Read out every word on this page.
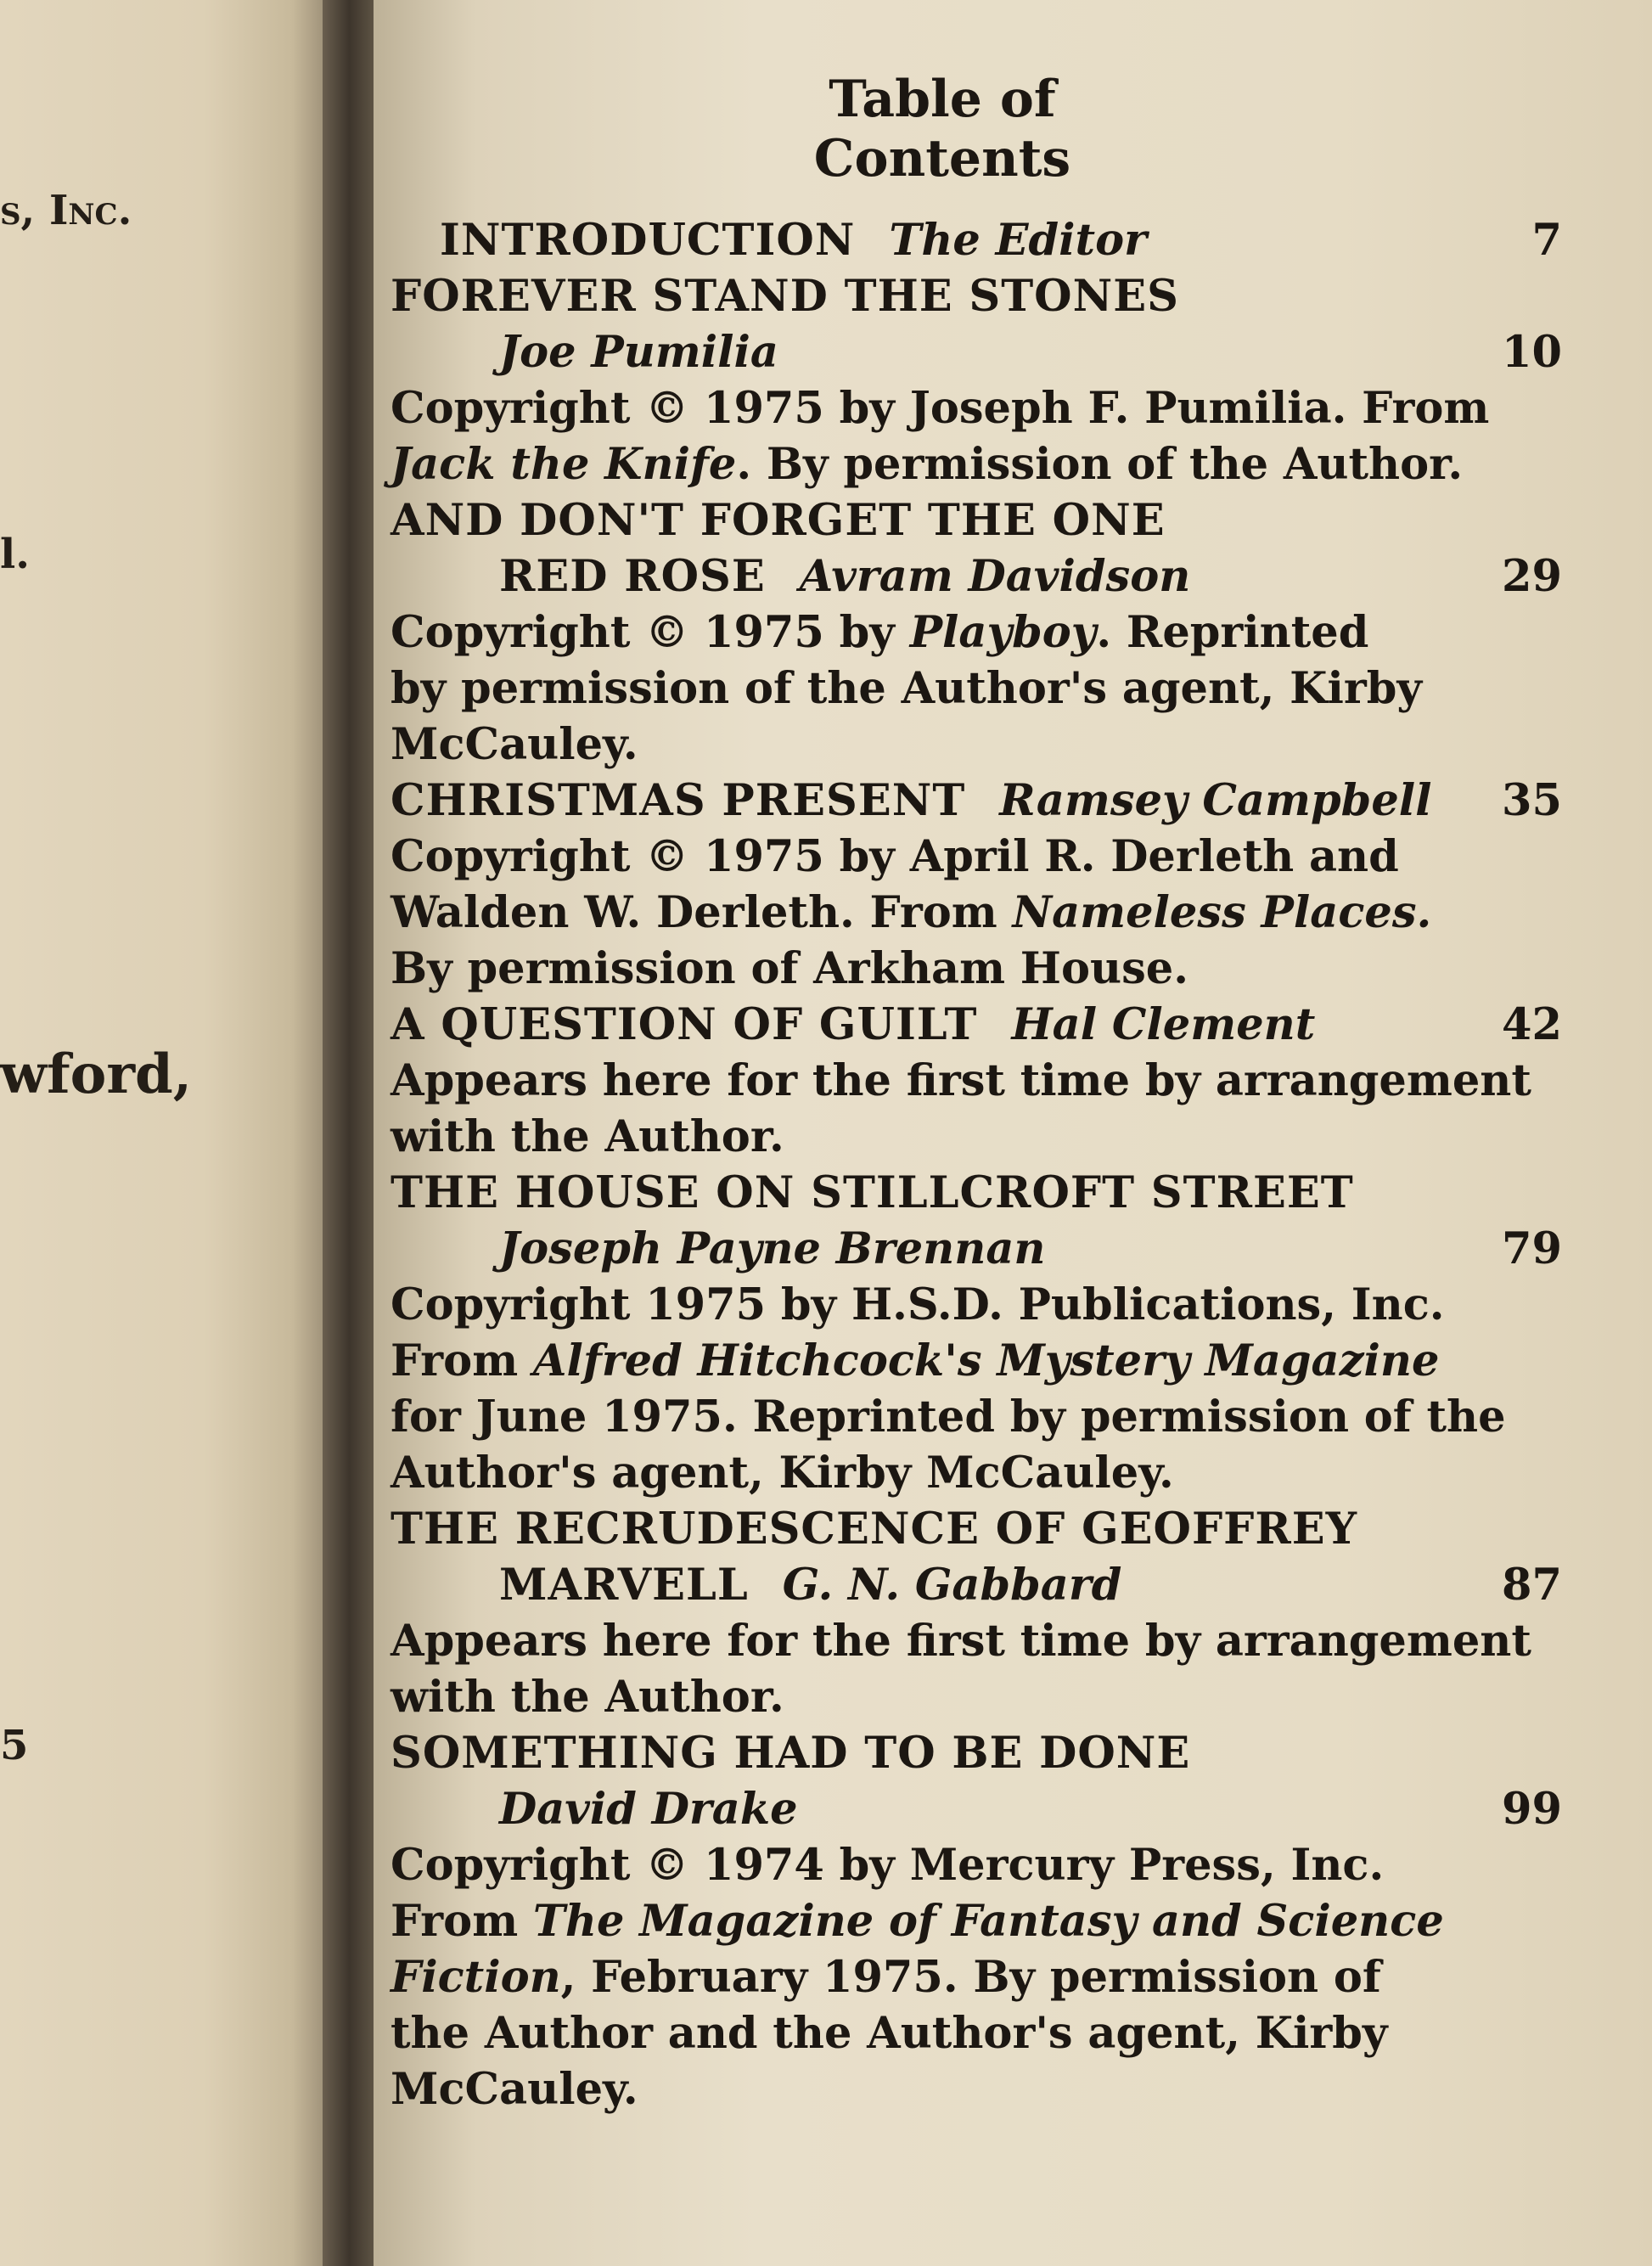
s, Inc.
l.
wford,
5
Table of Contents
INTRODUCTION The Editor	7
FOREVER STAND THE STONES
Joe Pumilia	10
Copyright © 1975 by Joseph F. Pumilia. From
Jack the Knife. By permission of the Author.
AND DON'T FORGET THE ONE
RED ROSE Avram Davidson	29
Copyright © 1975 by Playboy. Reprinted
by permission of the Author's agent, Kirby
McCauley.
CHRISTMAS PRESENT Ramsey Campbell 35
Copyright © 1975 by April R. Derleth and
Walden W. Derleth. From Nameless Places.
By permission of Arkham House.
A QUESTION OF GUILT Hal Clement	42
Appears here for the first time by arrangement
with the Author.
THE HOUSE ON STILLCROFT STREET
Joseph Payne Brennan	79
Copyright 1975 by H.S.D. Publications, Inc.
From Alfred Hitchcock's Mystery Magazine
for June 1975. Reprinted by permission of the
Author's agent, Kirby McCauley.
THE RECRUDESCENCE OF GEOFFREY
MARVELL G. N. Gabbard	87
Appears here for the first time by arrangement
with the Author.
SOMETHING HAD TO BE DONE
David Drake	99
Copyright © 1974 by Mercury Press, Inc.
From The Magazine of Fantasy and Science
Fiction, February 1975. By permission of
the Author and the Author's agent, Kirby
McCauley.
